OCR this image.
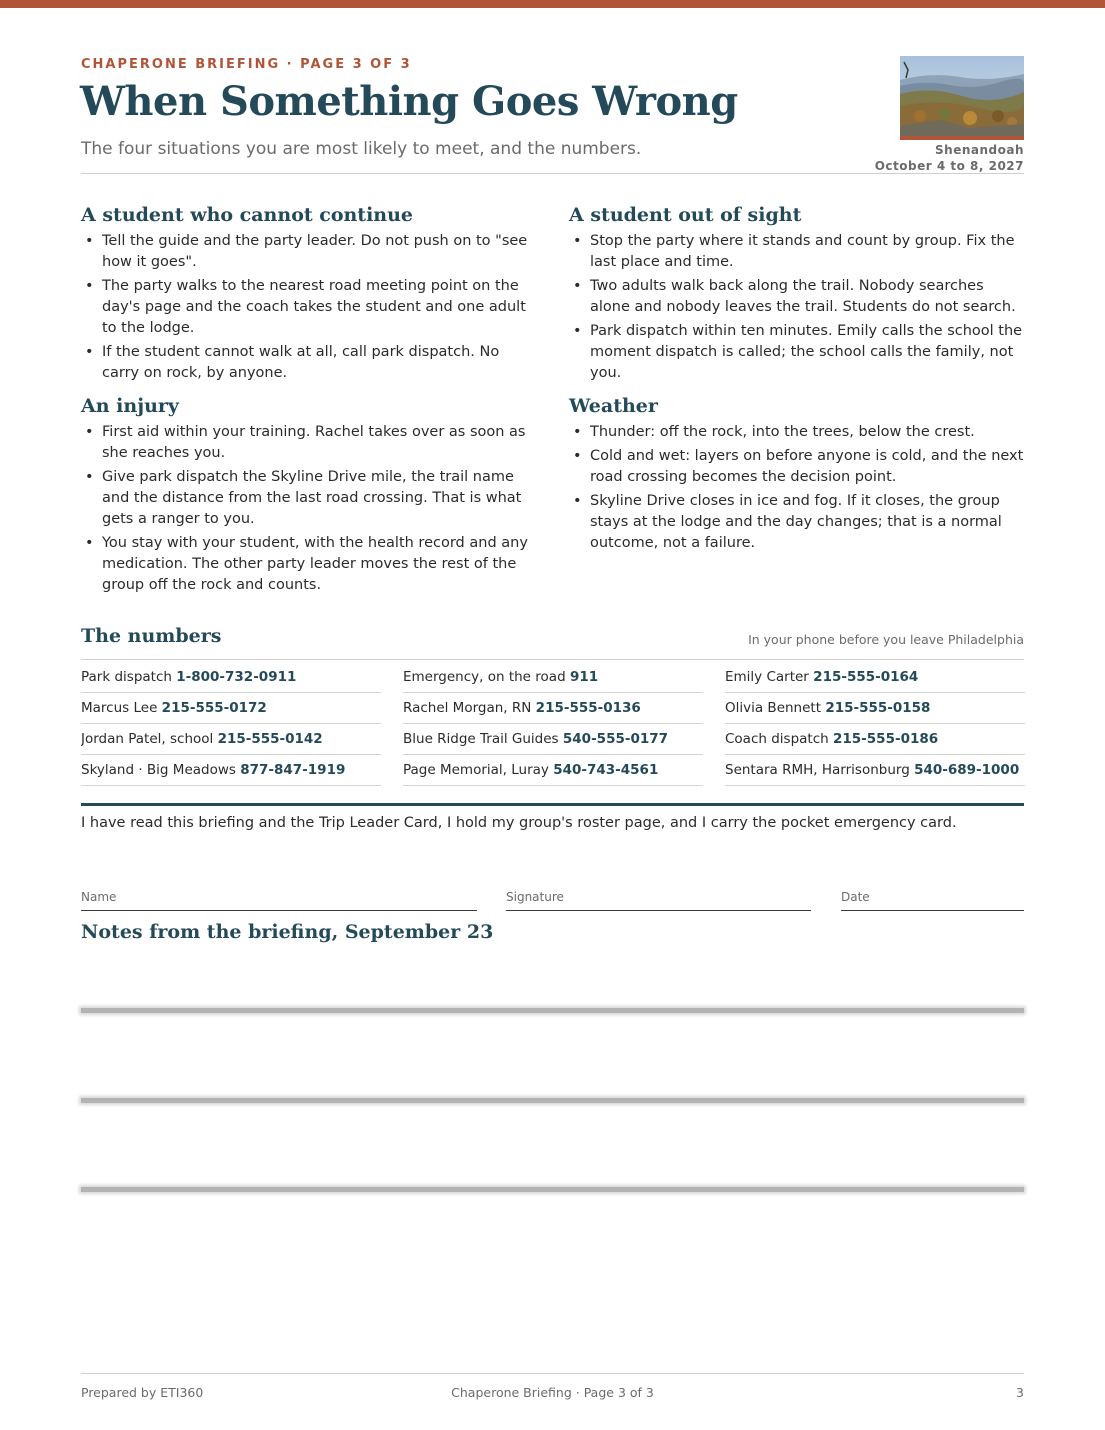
CHAPERONE BRIEFING · PAGE 3 OF 3
When Something Goes Wrong
The four situations you are most likely to meet, and the numbers.	Shenandoah
October 4 to 8, 2027
A student who cannot continue
• Tell the guide and the party leader. Do not push on to "see how it goes".
• The party walks to the nearest road meeting point on the day's page and the coach takes the student and one adult to the lodge.
• If the student cannot walk at all, call park dispatch. No carry on rock, by anyone.
An injury
• First aid within your training. Rachel takes over as soon as she reaches you.
• Give park dispatch the Skyline Drive mile, the trail name and the distance from the last road crossing. That is what gets a ranger to you.
• You stay with your student, with the health record and any medication. The other party leader moves the rest of the group off the rock and counts.
A student out of sight
• Stop the party where it stands and count by group. Fix the last place and time.
• Two adults walk back along the trail. Nobody searches alone and nobody leaves the trail. Students do not search.
• Park dispatch within ten minutes. Emily calls the school the moment dispatch is called; the school calls the family, not you.
Weather
• Thunder: off the rock, into the trees, below the crest.
• Cold and wet: layers on before anyone is cold, and the next road crossing becomes the decision point.
• Skyline Drive closes in ice and fog. If it closes, the group stays at the lodge and the day changes; that is a normal outcome, not a failure.
The numbers	In your phone before you leave Philadelphia
Park dispatch 1-800-732-0911	Emergency, on the road 911	Emily Carter 215-555-0164
Marcus Lee 215-555-0172	Rachel Morgan, RN 215-555-0136	Olivia Bennett 215-555-0158
Jordan Patel, school 215-555-0142	Blue Ridge Trail Guides 540-555-0177	Coach dispatch 215-555-0186
Skyland · Big Meadows 877-847-1919	Page Memorial, Luray 540-743-4561	Sentara RMH, Harrisonburg 540-689-1000

I have read this briefing and the Trip Leader Card, I hold my group's roster page, and I carry the pocket emergency card.

Name	Signature	Date
Notes from the briefing, September 23
Prepared by ETI360	Chaperone Briefing · Page 3 of 3	3
